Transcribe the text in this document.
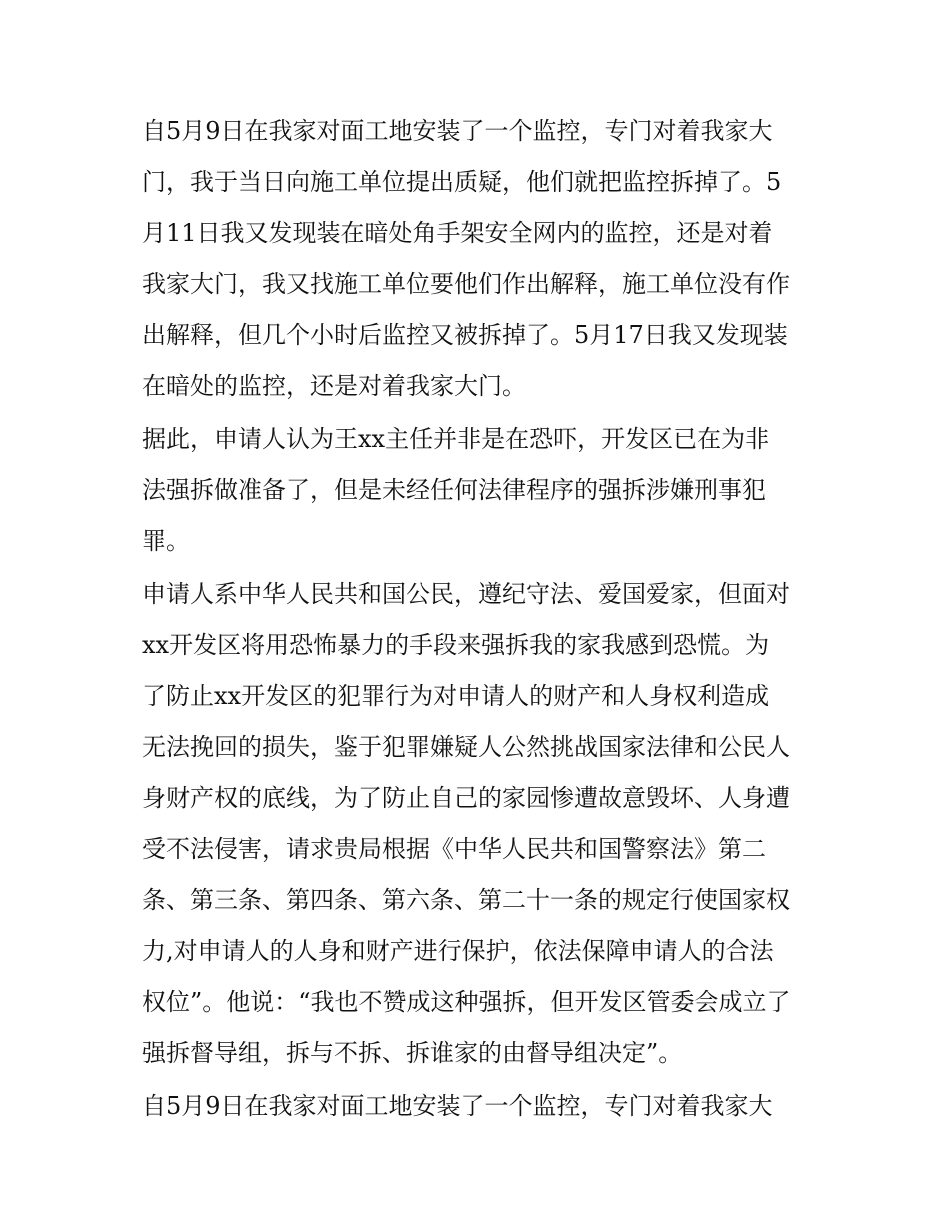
自5月9日在我家对面工地安装了一个监控，专门对着我家大
门，我于当日向施工单位提出质疑，他们就把监控拆掉了。5
月11日我又发现装在暗处角手架安全网内的监控，还是对着
我家大门，我又找施工单位要他们作出解释，施工单位没有作
出解释，但几个小时后监控又被拆掉了。5月17日我又发现装
在暗处的监控，还是对着我家大门。
据此，申请人认为王xx主任并非是在恐吓，开发区已在为非
法强拆做准备了，但是未经任何法律程序的强拆涉嫌刑事犯
罪。
申请人系中华人民共和国公民，遵纪守法、爱国爱家，但面对
xx开发区将用恐怖暴力的手段来强拆我的家我感到恐慌。为
了防止xx开发区的犯罪行为对申请人的财产和人身权利造成
无法挽回的损失，鉴于犯罪嫌疑人公然挑战国家法律和公民人
身财产权的底线，为了防止自己的家园惨遭故意毁坏、人身遭
受不法侵害，请求贵局根据《中华人民共和国警察法》第二
条、第三条、第四条、第六条、第二十一条的规定行使国家权
力,对申请人的人身和财产进行保护，依法保障申请人的合法
权位”。他说：“我也不赞成这种强拆，但开发区管委会成立了
强拆督导组，拆与不拆、拆谁家的由督导组决定”。
自5月9日在我家对面工地安装了一个监控，专门对着我家大
